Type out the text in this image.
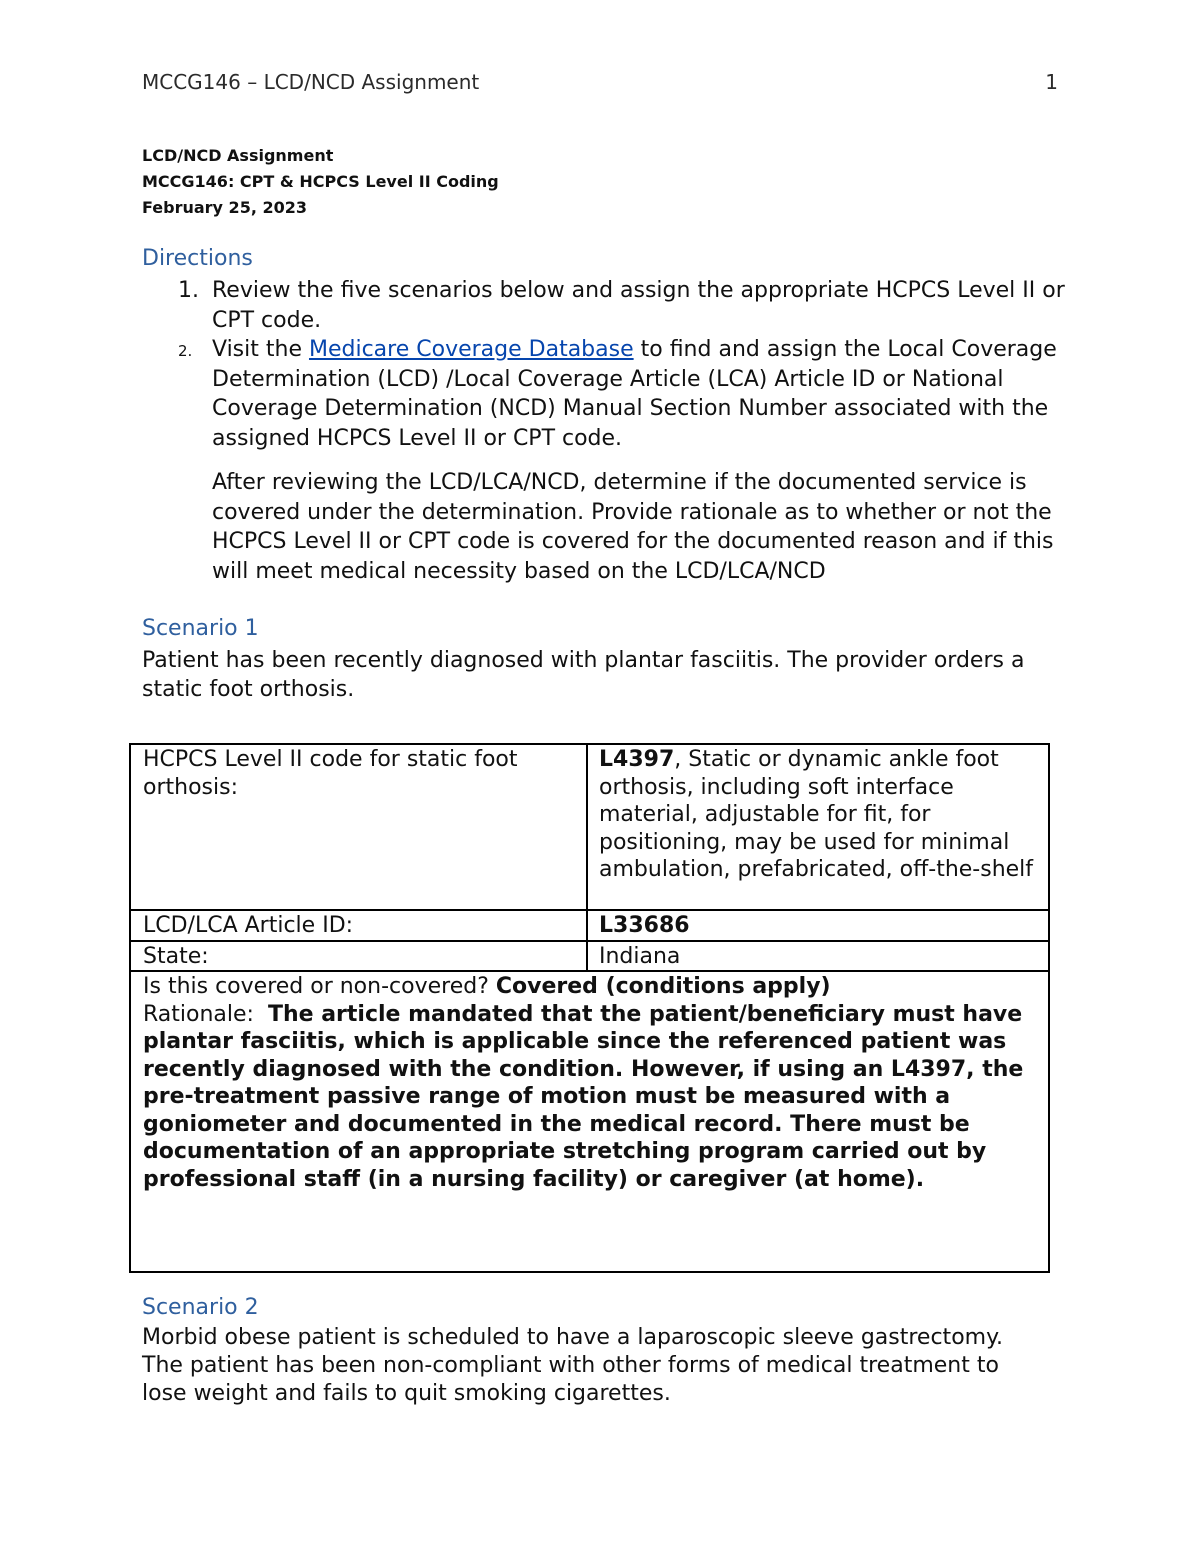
MCCG146 – LCD/NCD Assignment	1
LCD/NCD Assignment
MCCG146: CPT & HCPCS Level II Coding
February 25, 2023
Directions
1. Review the five scenarios below and assign the appropriate HCPCS Level II or CPT code.
2. Visit the Medicare Coverage Database to find and assign the Local Coverage Determination (LCD) /Local Coverage Article (LCA) Article ID or National Coverage Determination (NCD) Manual Section Number associated with the assigned HCPCS Level II or CPT code.
After reviewing the LCD/LCA/NCD, determine if the documented service is covered under the determination. Provide rationale as to whether or not the HCPCS Level II or CPT code is covered for the documented reason and if this will meet medical necessity based on the LCD/LCA/NCD
Scenario 1
Patient has been recently diagnosed with plantar fasciitis. The provider orders a static foot orthosis.
HCPCS Level II code for static foot orthosis:	L4397, Static or dynamic ankle foot orthosis, including soft interface material, adjustable for fit, for positioning, may be used for minimal ambulation, prefabricated, off-the-shelf
LCD/LCA Article ID:	L33686
State:	Indiana
Is this covered or non-covered? Covered (conditions apply)
Rationale:  The article mandated that the patient/beneficiary must have plantar fasciitis, which is applicable since the referenced patient was recently diagnosed with the condition. However, if using an L4397, the pre-treatment passive range of motion must be measured with a goniometer and documented in the medical record. There must be documentation of an appropriate stretching program carried out by professional staff (in a nursing facility) or caregiver (at home).	
Scenario 2
Morbid obese patient is scheduled to have a laparoscopic sleeve gastrectomy. The patient has been non-compliant with other forms of medical treatment to lose weight and fails to quit smoking cigarettes.
